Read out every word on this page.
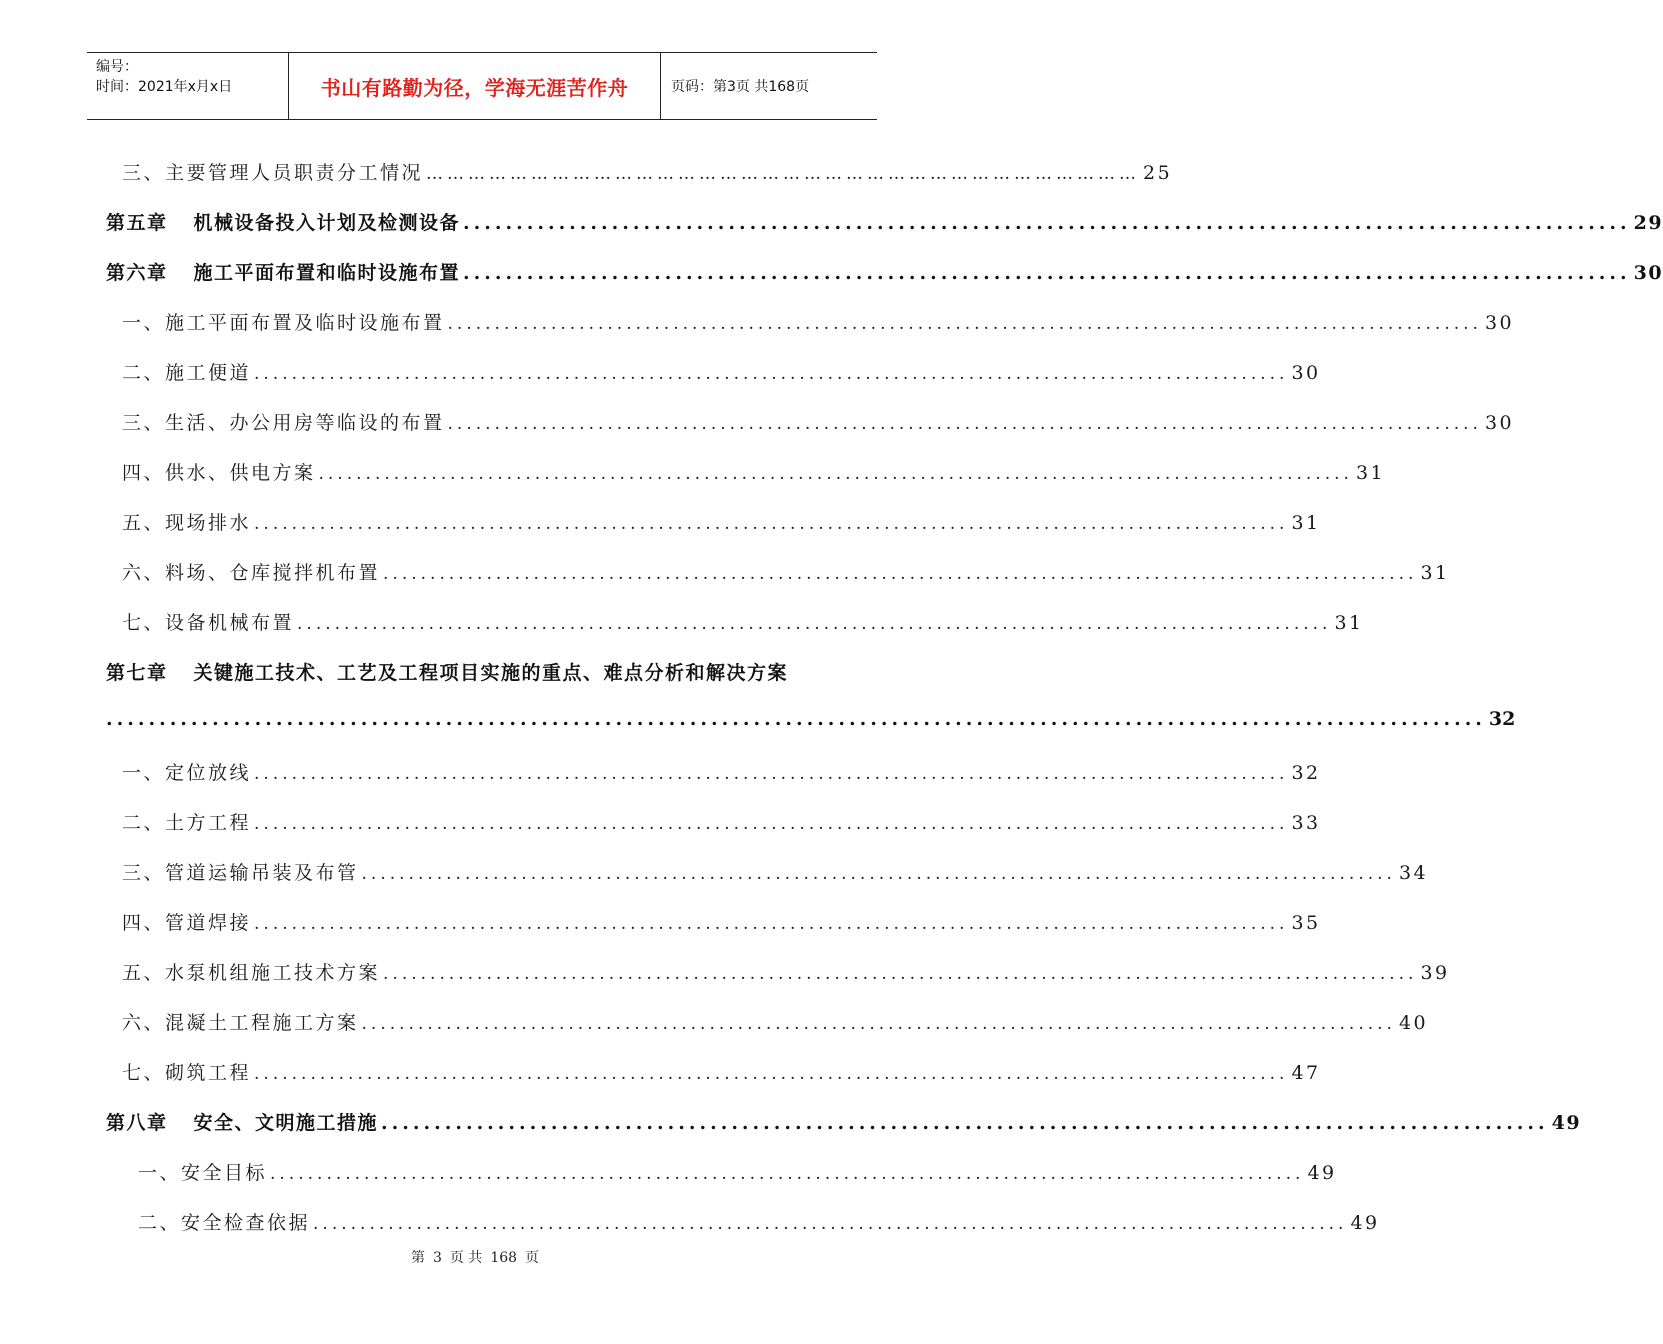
编号：
时间：2021年x月x日	书山有路勤为径，学海无涯苦作舟	页码：第3页 共168页
三、主要管理人员职责分工情况 ………………………………………………………………………………………… 25
第五章 机械设备投入计划及检测设备 .............................................................................................................. 29
第六章 施工平面布置和临时设施布置 .............................................................................................................. 30
一、施工平面布置及临时设施布置 .............................................................................................................. 30
二、施工便道 .............................................................................................................. 30
三、生活、办公用房等临设的布置 .............................................................................................................. 30
四、供水、供电方案 .............................................................................................................. 31
五、现场排水 .............................................................................................................. 31
六、料场、仓库搅拌机布置 .............................................................................................................. 31
七、设备机械布置 .............................................................................................................. 31
第七章 关键施工技术、工艺及工程项目实施的重点、难点分析和解决方案
.................................................................................................................................. 32
一、定位放线 .............................................................................................................. 32
二、土方工程 .............................................................................................................. 33
三、管道运输吊装及布管 .............................................................................................................. 34
四、管道焊接 .............................................................................................................. 35
五、水泵机组施工技术方案 .............................................................................................................. 39
六、混凝土工程施工方案 .............................................................................................................. 40
七、砌筑工程 .............................................................................................................. 47
第八章 安全、文明施工措施 .............................................................................................................. 49
一、安全目标 .............................................................................................................. 49
二、安全检查依据 .............................................................................................................. 49
第 3 页 共 168 页
